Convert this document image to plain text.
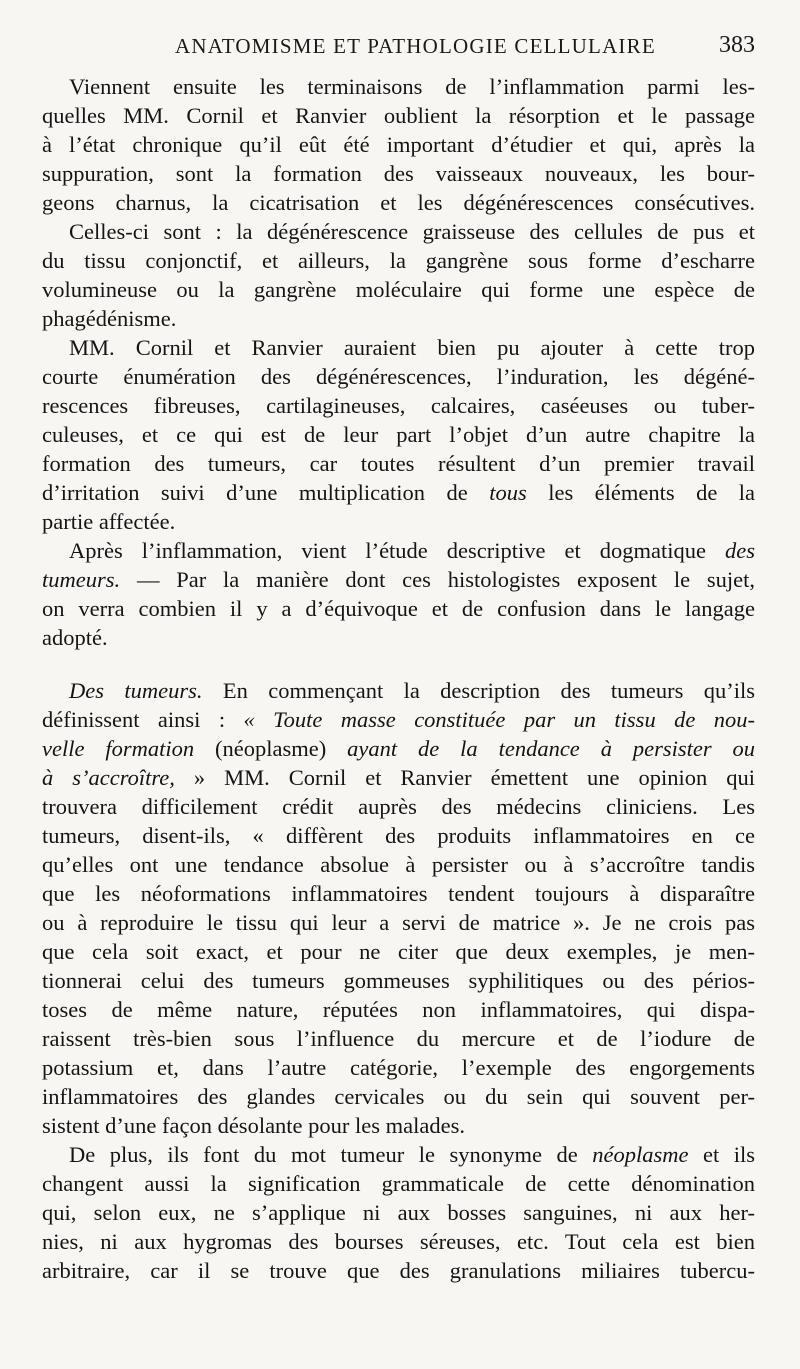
ANATOMISME ET PATHOLOGIE CELLULAIRE	383
Viennent ensuite les terminaisons de l’inflammation parmi les-
quelles MM. Cornil et Ranvier oublient la résorption et le passage
à l’état chronique qu’il eût été important d’étudier et qui, après la
suppuration, sont la formation des vaisseaux nouveaux, les bour-
geons charnus, la cicatrisation et les dégénérescences consécutives.
Celles-ci sont : la dégénérescence graisseuse des cellules de pus et
du tissu conjonctif, et ailleurs, la gangrène sous forme d’escharre
volumineuse ou la gangrène moléculaire qui forme une espèce de
phagédénisme.
MM. Cornil et Ranvier auraient bien pu ajouter à cette trop
courte énumération des dégénérescences, l’induration, les dégéné-
rescences fibreuses, cartilagineuses, calcaires, caséeuses ou tuber-
culeuses, et ce qui est de leur part l’objet d’un autre chapitre la
formation des tumeurs, car toutes résultent d’un premier travail
d’irritation suivi d’une multiplication de tous les éléments de la
partie affectée.
Après l’inflammation, vient l’étude descriptive et dogmatique des
tumeurs. — Par la manière dont ces histologistes exposent le sujet,
on verra combien il y a d’équivoque et de confusion dans le langage
adopté.
Des tumeurs. En commençant la description des tumeurs qu’ils
définissent ainsi : « Toute masse constituée par un tissu de nou-
velle formation (néoplasme) ayant de la tendance à persister ou
à s’accroître, » MM. Cornil et Ranvier émettent une opinion qui
trouvera difficilement crédit auprès des médecins cliniciens. Les
tumeurs, disent-ils, « diffèrent des produits inflammatoires en ce
qu’elles ont une tendance absolue à persister ou à s’accroître tandis
que les néoformations inflammatoires tendent toujours à disparaître
ou à reproduire le tissu qui leur a servi de matrice ». Je ne crois pas
que cela soit exact, et pour ne citer que deux exemples, je men-
tionnerai celui des tumeurs gommeuses syphilitiques ou des périos-
toses de même nature, réputées non inflammatoires, qui dispa-
raissent très-bien sous l’influence du mercure et de l’iodure de
potassium et, dans l’autre catégorie, l’exemple des engorgements
inflammatoires des glandes cervicales ou du sein qui souvent per-
sistent d’une façon désolante pour les malades.
De plus, ils font du mot tumeur le synonyme de néoplasme et ils
changent aussi la signification grammaticale de cette dénomination
qui, selon eux, ne s’applique ni aux bosses sanguines, ni aux her-
nies, ni aux hygromas des bourses séreuses, etc. Tout cela est bien
arbitraire, car il se trouve que des granulations miliaires tubercu-
